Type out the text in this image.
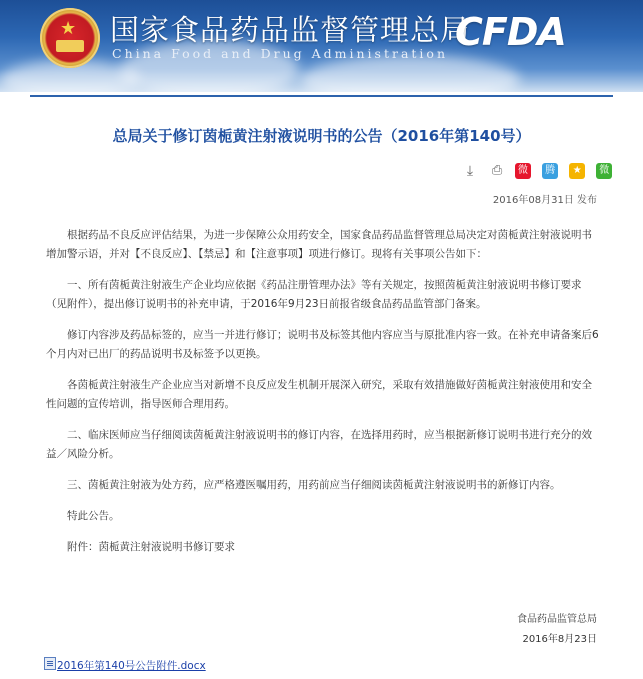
★ 国家食品药品监督管理总局
China Food and Drug Administration CFDA
总局关于修订茵栀黄注射液说明书的公告（2016年第140号）
⤓ ⎙	微 腾 ★ 微
2016年08月31日 发布

根据药品不良反应评估结果，为进一步保障公众用药安全，国家食品药品监督管理总局决定对茵栀黄注射液说明书增加警示语，并对【不良反应】、【禁忌】和【注意事项】项进行修订。现将有关事项公告如下：

一、所有茵栀黄注射液生产企业均应依据《药品注册管理办法》等有关规定，按照茵栀黄注射液说明书修订要求（见附件），提出修订说明书的补充申请，于2016年9月23日前报省级食品药品监管部门备案。

修订内容涉及药品标签的，应当一并进行修订；说明书及标签其他内容应当与原批准内容一致。在补充申请备案后6个月内对已出厂的药品说明书及标签予以更换。

各茵栀黄注射液生产企业应当对新增不良反应发生机制开展深入研究，采取有效措施做好茵栀黄注射液使用和安全性问题的宣传培训，指导医师合理用药。

二、临床医师应当仔细阅读茵栀黄注射液说明书的修订内容，在选择用药时，应当根据新修订说明书进行充分的效益／风险分析。

三、茵栀黄注射液为处方药，应严格遵医嘱用药，用药前应当仔细阅读茵栀黄注射液说明书的新修订内容。

特此公告。

附件：茵栀黄注射液说明书修订要求

食品药品监管总局
2016年8月23日
2016年第140号公告附件.docx
